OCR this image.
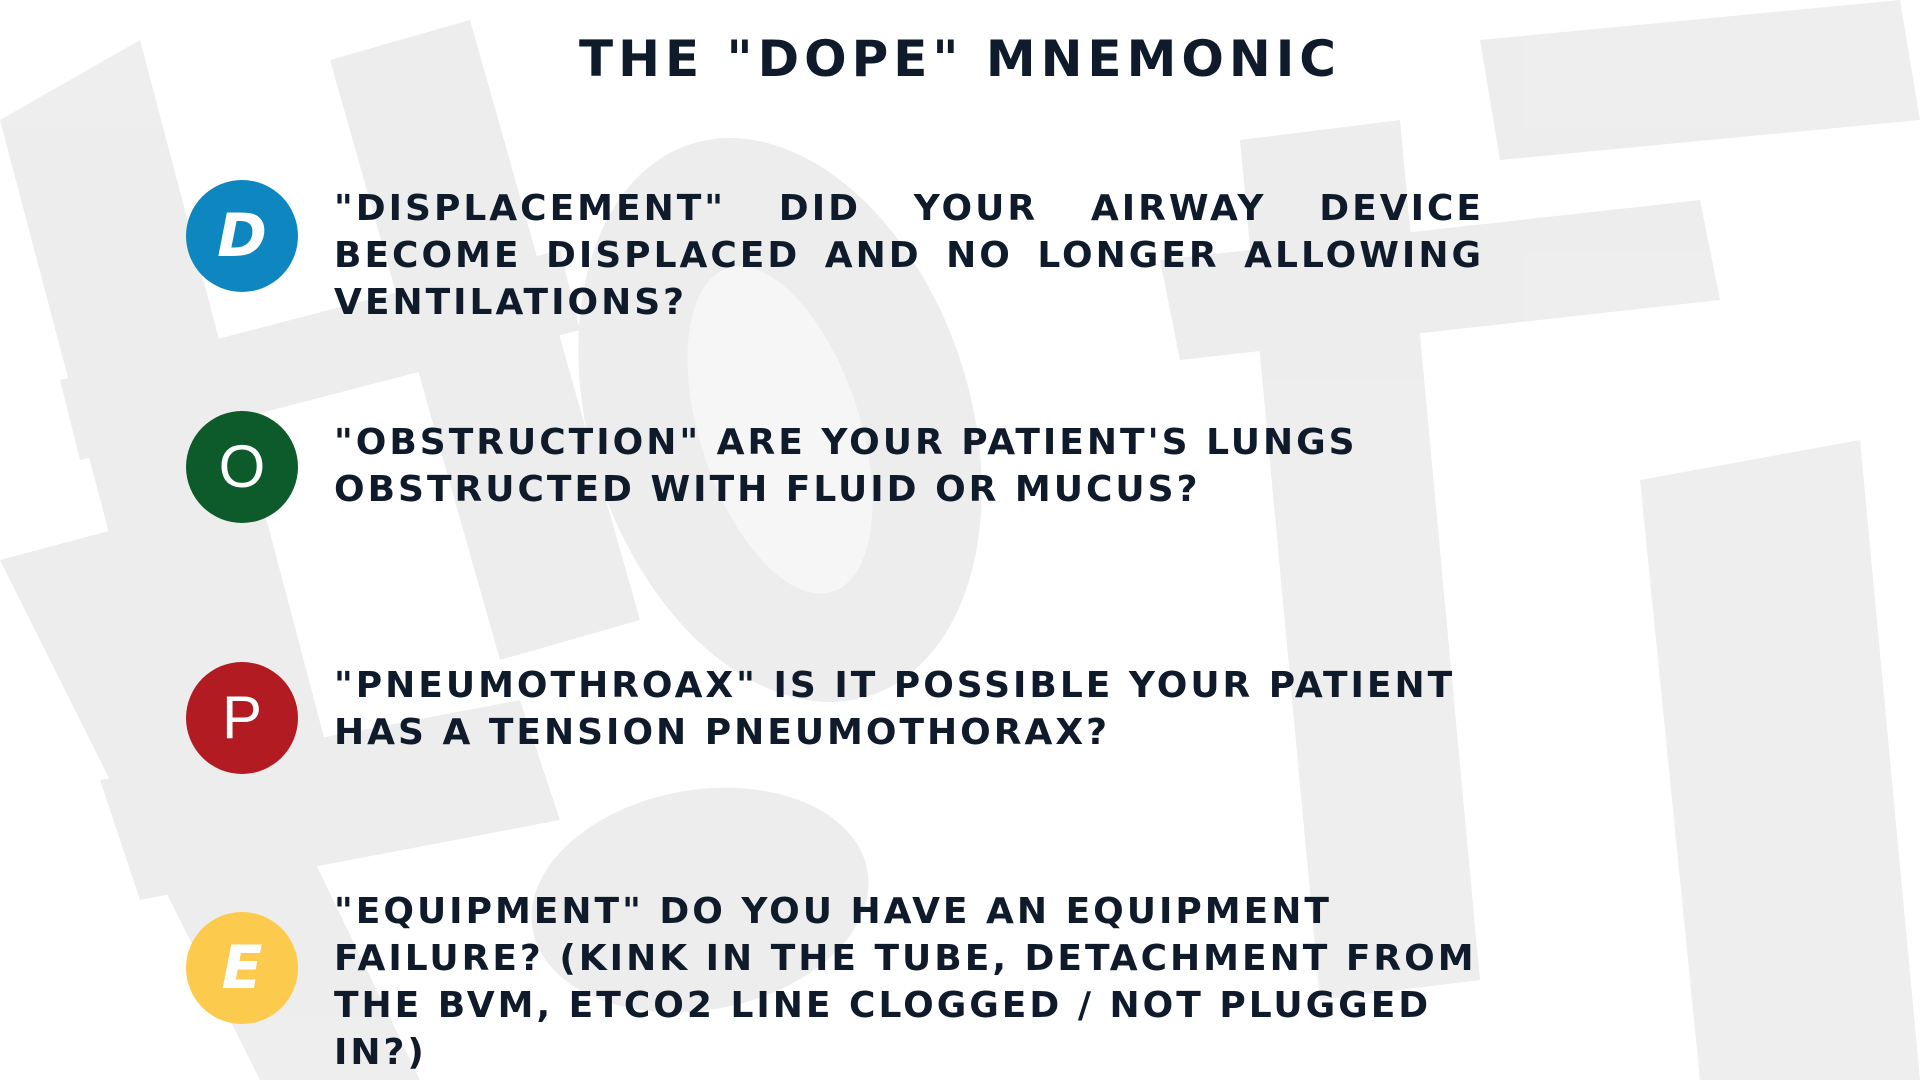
THE "DOPE" MNEMONIC
D	"DISPLACEMENT" DID YOUR AIRWAY DEVICE BECOME DISPLACED AND NO LONGER ALLOWING VENTILATIONS?
O	"OBSTRUCTION" ARE YOUR PATIENT'S LUNGS OBSTRUCTED WITH FLUID OR MUCUS?
P	"PNEUMOTHROAX" IS IT POSSIBLE YOUR PATIENT HAS A TENSION PNEUMOTHORAX?
E
"EQUIPMENT" DO YOU HAVE AN EQUIPMENT FAILURE? (KINK IN THE TUBE, DETACHMENT FROM THE BVM, ETCO2 LINE CLOGGED / NOT PLUGGED IN?)
